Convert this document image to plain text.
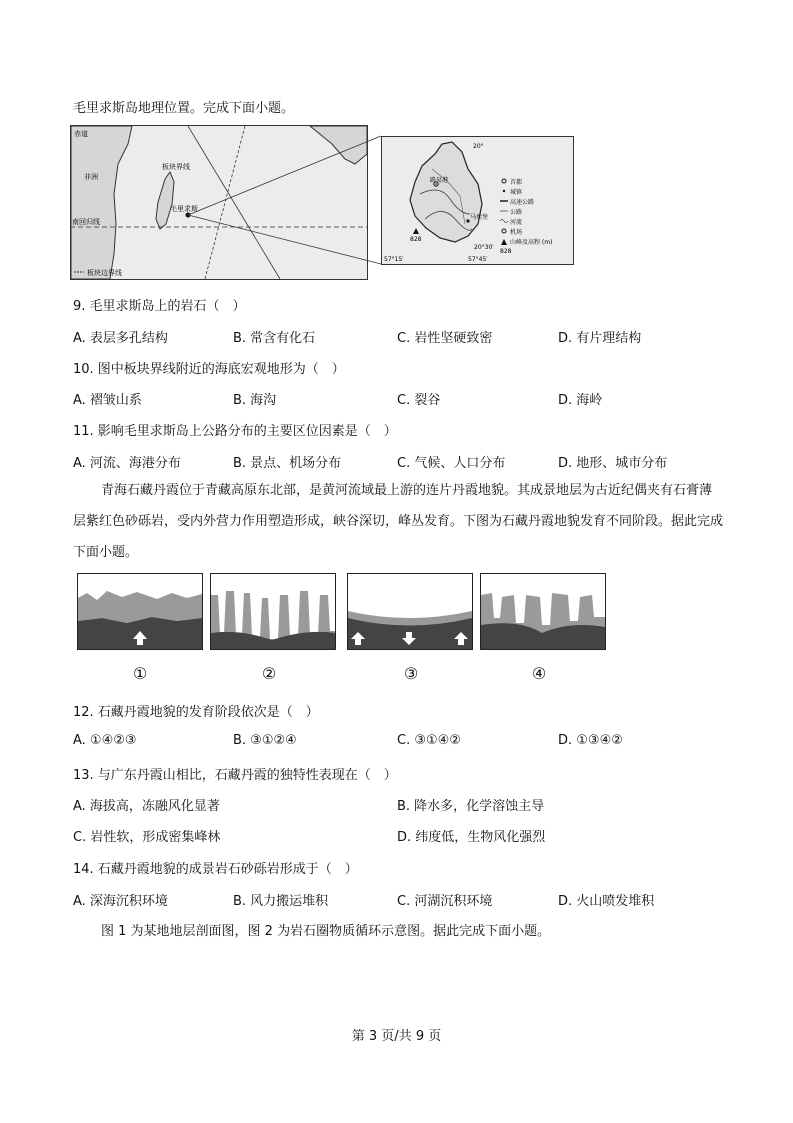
毛里求斯岛地理位置。完成下面小题。
赤道
非洲
板块界线
毛里求斯
南回归线
板块边界线
路易港
马埃堡
828
20°
20°30′
57°15′	57°45′
首都
城镇
高速公路
公路
河流
机场
山峰及高程 (m)
828
9. 毛里求斯岛上的岩石（　）
A. 表层多孔结构	B. 常含有化石	C. 岩性坚硬致密	D. 有片理结构
10. 图中板块界线附近的海底宏观地形为（　）
A. 褶皱山系	B. 海沟	C. 裂谷	D. 海岭
11. 影响毛里求斯岛上公路分布的主要区位因素是（　）
A. 河流、海港分布	B. 景点、机场分布	C. 气候、人口分布	D. 地形、城市分布
青海石藏丹霞位于青藏高原东北部，是黄河流域最上游的连片丹霞地貌。其成景地层为古近纪偶夹有石膏薄层紫红色砂砾岩，受内外营力作用塑造形成，峡谷深切，峰丛发育。下图为石藏丹霞地貌发育不同阶段。据此完成下面小题。
①	②	③	④
12. 石藏丹霞地貌的发育阶段依次是（　）
A. ①④②③	B. ③①②④	C. ③①④②	D. ①③④②
13. 与广东丹霞山相比，石藏丹霞的独特性表现在（　）
A. 海拔高，冻融风化显著	B. 降水多，化学溶蚀主导
C. 岩性软，形成密集峰林	D. 纬度低，生物风化强烈
14. 石藏丹霞地貌的成景岩石砂砾岩形成于（　）
A. 深海沉积环境	B. 风力搬运堆积	C. 河湖沉积环境	D. 火山喷发堆积
图 1 为某地地层剖面图，图 2 为岩石圈物质循环示意图。据此完成下面小题。
第 3 页/共 9 页
